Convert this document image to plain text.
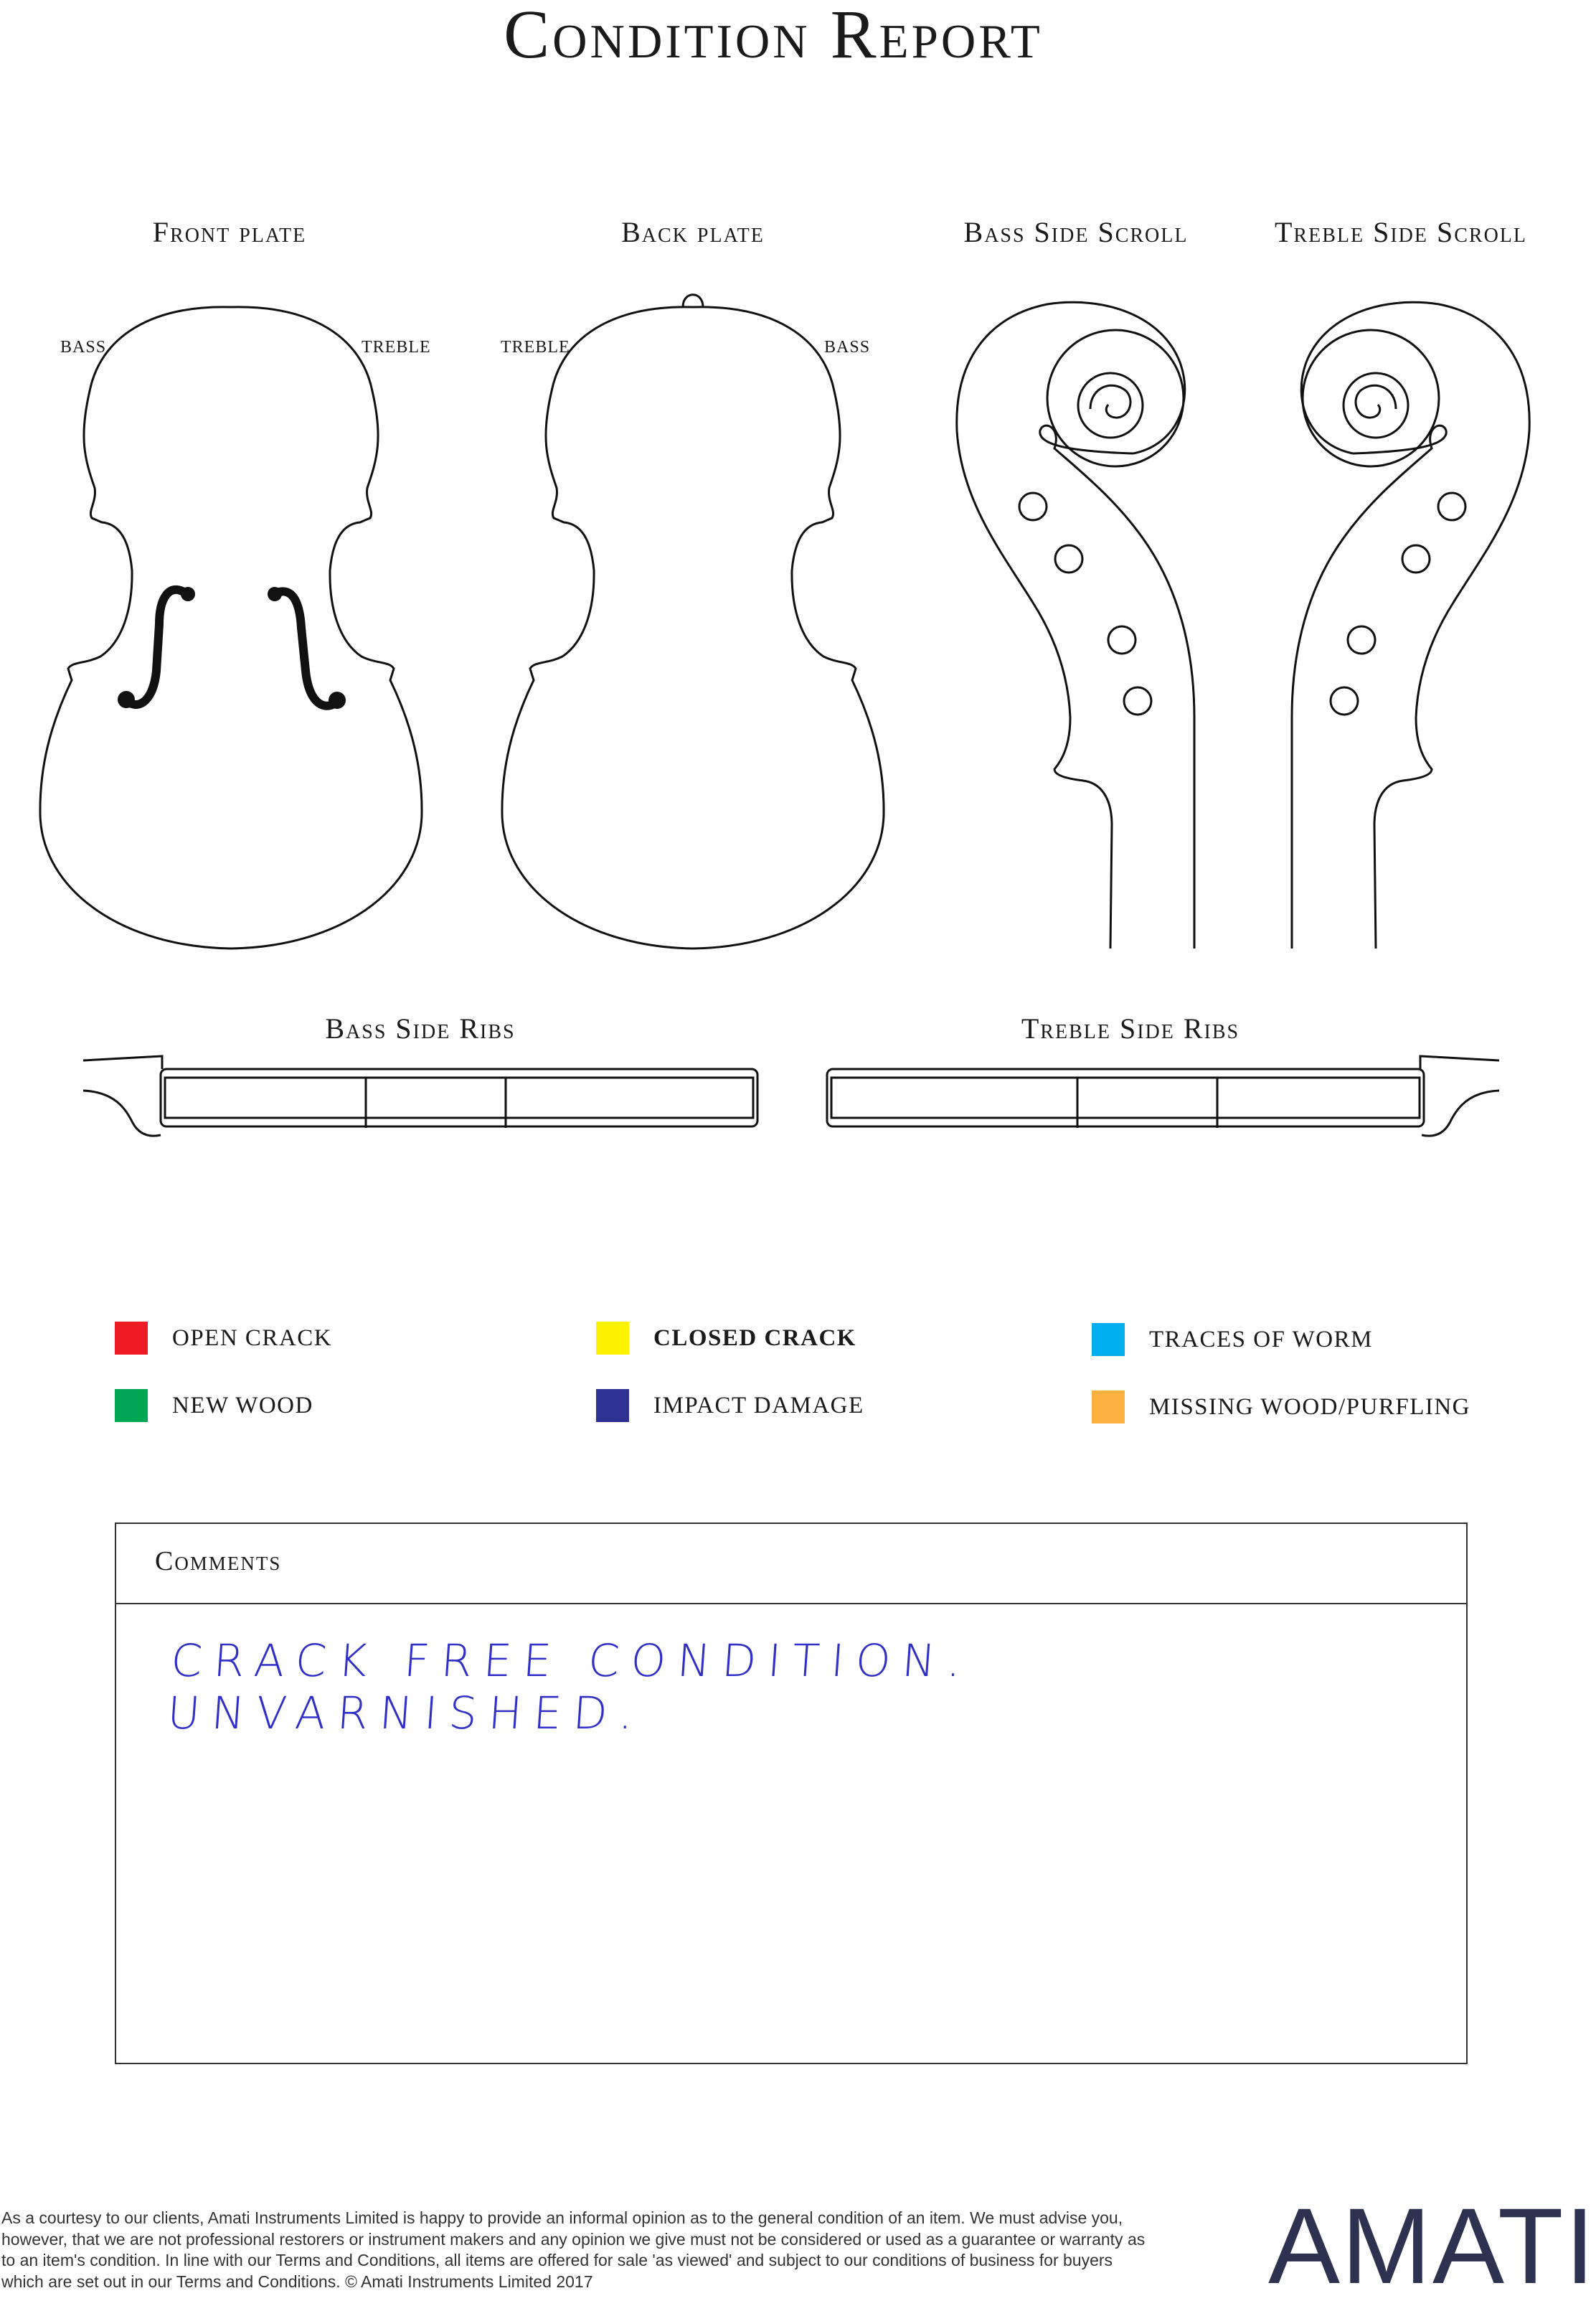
Condition Report
Front plate	Back plate	Bass Side Scroll	Treble Side Scroll
BASS	TREBLE	TREBLE	BASS
Bass Side Ribs	Treble Side Ribs
OPEN CRACK	CLOSED CRACK	TRACES OF WORM
NEW WOOD	IMPACT DAMAGE	MISSING WOOD/PURFLING
Comments
CRACK FREE CONDITION. UNVARNISHED.
As a courtesy to our clients, Amati Instruments Limited is happy to provide an informal opinion as to the general condition of an item. We must advise you, however, that we are not professional restorers or instrument makers and any opinion we give must not be considered or used as a guarantee or warranty as to an item's condition. In line with our Terms and Conditions, all items are offered for sale 'as viewed' and subject to our conditions of business for buyers which are set out in our Terms and Conditions. © Amati Instruments Limited 2017	AMATI
